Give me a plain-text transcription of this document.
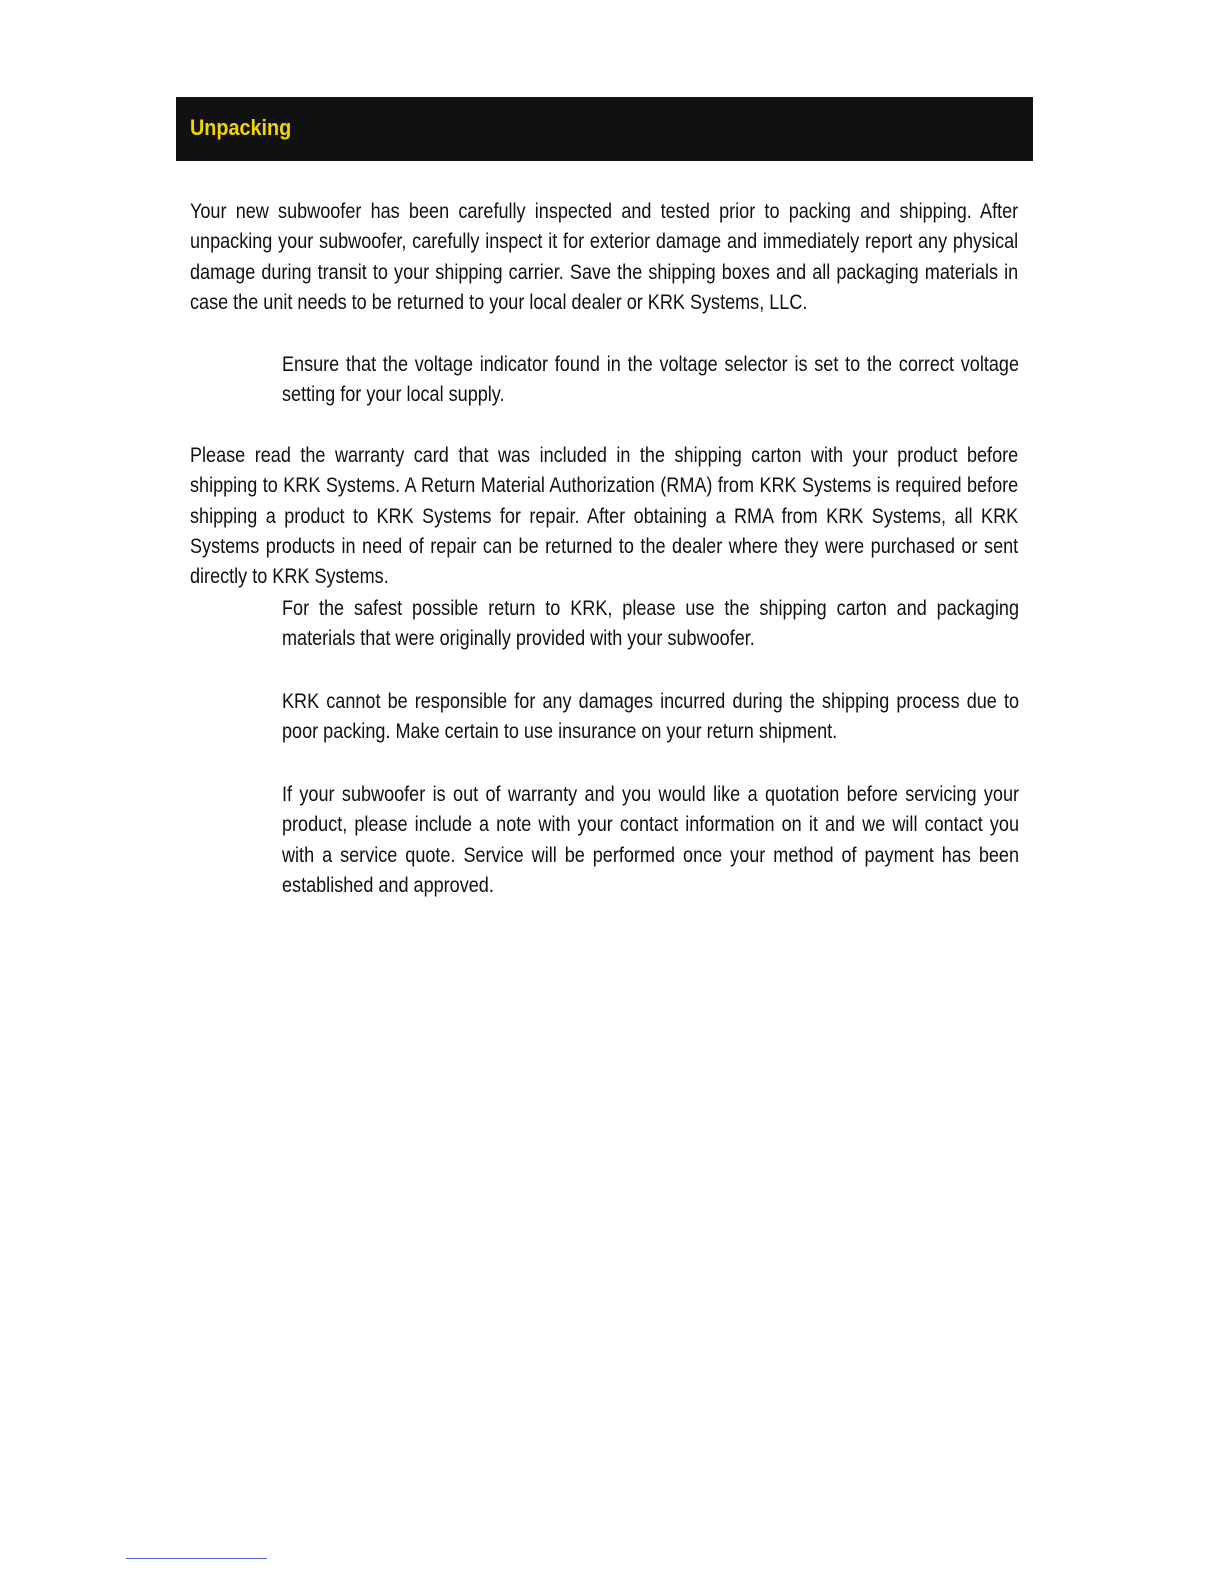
Unpacking

Your new subwoofer has been carefully inspected and tested prior to packing and shipping. After unpacking your subwoofer, carefully inspect it for exterior damage and immediately report any physical damage during transit to your shipping carrier. Save the shipping boxes and all packaging materials in case the unit needs to be returned to your local dealer or KRK Systems, LLC.

Ensure that the voltage indicator found in the voltage selector is set to the correct voltage setting for your local supply.

Please read the warranty card that was included in the shipping carton with your product before shipping to KRK Systems. A Return Material Authorization (RMA) from KRK Systems is required before shipping a product to KRK Systems for repair. After obtaining a RMA from KRK Systems, all KRK Systems products in need of repair can be returned to the dealer where they were purchased or sent directly to KRK Systems.

For the safest possible return to KRK, please use the shipping carton and packaging materials that were originally provided with your subwoofer.

KRK cannot be responsible for any damages incurred during the shipping process due to poor packing. Make certain to use insurance on your return shipment.

If your subwoofer is out of warranty and you would like a quotation before servicing your product, please include a note with your contact information on it and we will contact you with a service quote. Service will be performed once your method of payment has been established and approved.
